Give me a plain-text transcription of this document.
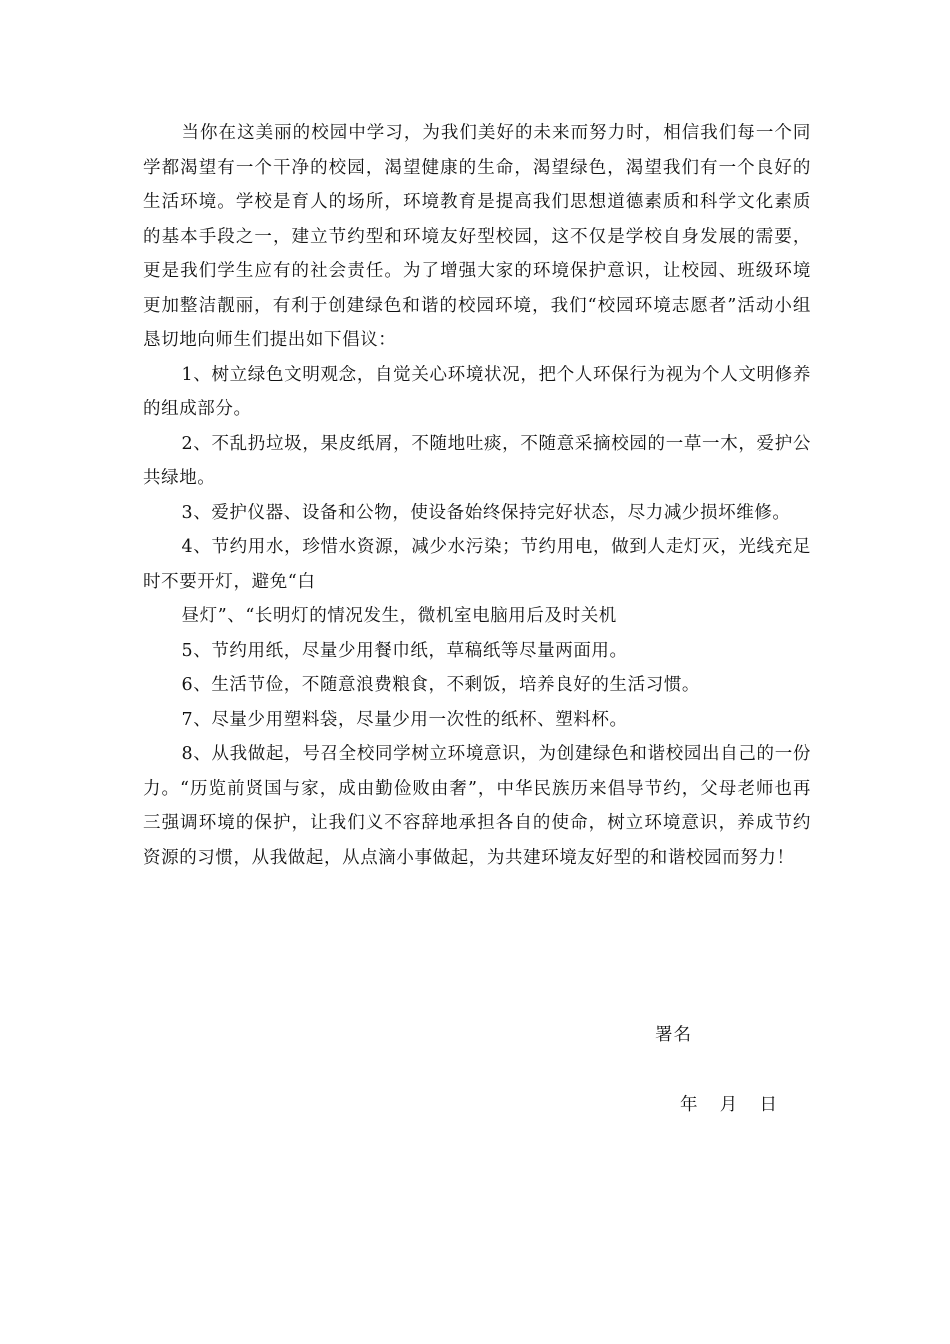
当你在这美丽的校园中学习，为我们美好的未来而努力时，相信我们每一个同学都渴望有一个干净的校园，渴望健康的生命，渴望绿色，渴望我们有一个良好的生活环境。学校是育人的场所，环境教育是提高我们思想道德素质和科学文化素质的基本手段之一，建立节约型和环境友好型校园，这不仅是学校自身发展的需要，更是我们学生应有的社会责任。为了增强大家的环境保护意识，让校园、班级环境更加整洁靓丽，有利于创建绿色和谐的校园环境，我们“校园环境志愿者”活动小组恳切地向师生们提出如下倡议：

1、树立绿色文明观念，自觉关心环境状况，把个人环保行为视为个人文明修养的组成部分。

2、不乱扔垃圾，果皮纸屑，不随地吐痰，不随意采摘校园的一草一木，爱护公共绿地。

3、爱护仪器、设备和公物，使设备始终保持完好状态，尽力减少损坏维修。

4、节约用水，珍惜水资源，减少水污染；节约用电，做到人走灯灭，光线充足时不要开灯，避免“白

昼灯”、“长明灯的情况发生，微机室电脑用后及时关机

5、节约用纸，尽量少用餐巾纸，草稿纸等尽量两面用。

6、生活节俭，不随意浪费粮食，不剩饭，培养良好的生活习惯。

7、尽量少用塑料袋，尽量少用一次性的纸杯、塑料杯。

8、从我做起，号召全校同学树立环境意识，为创建绿色和谐校园出自己的一份力。“历览前贤国与家，成由勤俭败由奢”，中华民族历来倡导节约，父母老师也再三强调环境的保护，让我们义不容辞地承担各自的使命，树立环境意识，养成节约资源的习惯，从我做起，从点滴小事做起，为共建环境友好型的和谐校园而努力！

署名
年    月    日
